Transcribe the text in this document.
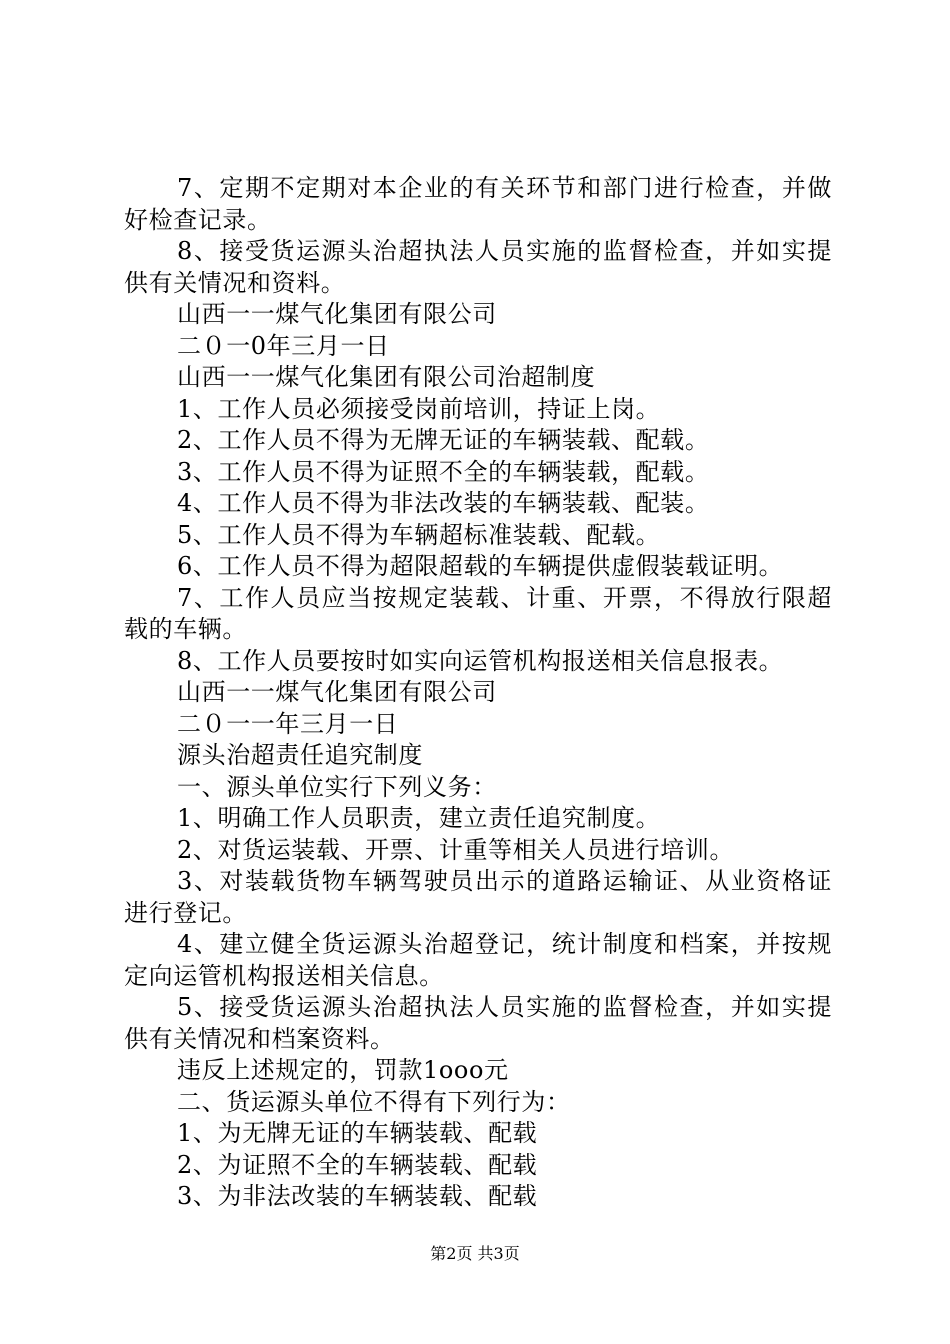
7、定期不定期对本企业的有关环节和部门进行检查，并做好检查记录。

8、接受货运源头治超执法人员实施的监督检查，并如实提供有关情况和资料。

山西一一煤气化集团有限公司

二０一0年三月一日

山西一一煤气化集团有限公司治超制度

1、工作人员必须接受岗前培训，持证上岗。

2、工作人员不得为无牌无证的车辆装载、配载。

3、工作人员不得为证照不全的车辆装载，配载。

4、工作人员不得为非法改装的车辆装载、配装。

5、工作人员不得为车辆超标准装载、配载。

6、工作人员不得为超限超载的车辆提供虚假装载证明。

7、工作人员应当按规定装载、计重、开票，不得放行限超载的车辆。

8、工作人员要按时如实向运管机构报送相关信息报表。

山西一一煤气化集团有限公司

二０一一年三月一日

源头治超责任追究制度

一、源头单位实行下列义务：

1、明确工作人员职责，建立责任追究制度。

2、对货运装载、开票、计重等相关人员进行培训。

3、对装载货物车辆驾驶员出示的道路运输证、从业资格证进行登记。

4、建立健全货运源头治超登记，统计制度和档案，并按规定向运管机构报送相关信息。

5、接受货运源头治超执法人员实施的监督检查，并如实提供有关情况和档案资料。

违反上述规定的，罚款1ooo元

二、货运源头单位不得有下列行为：

1、为无牌无证的车辆装载、配载

2、为证照不全的车辆装载、配载

3、为非法改装的车辆装载、配载

第2页 共3页
